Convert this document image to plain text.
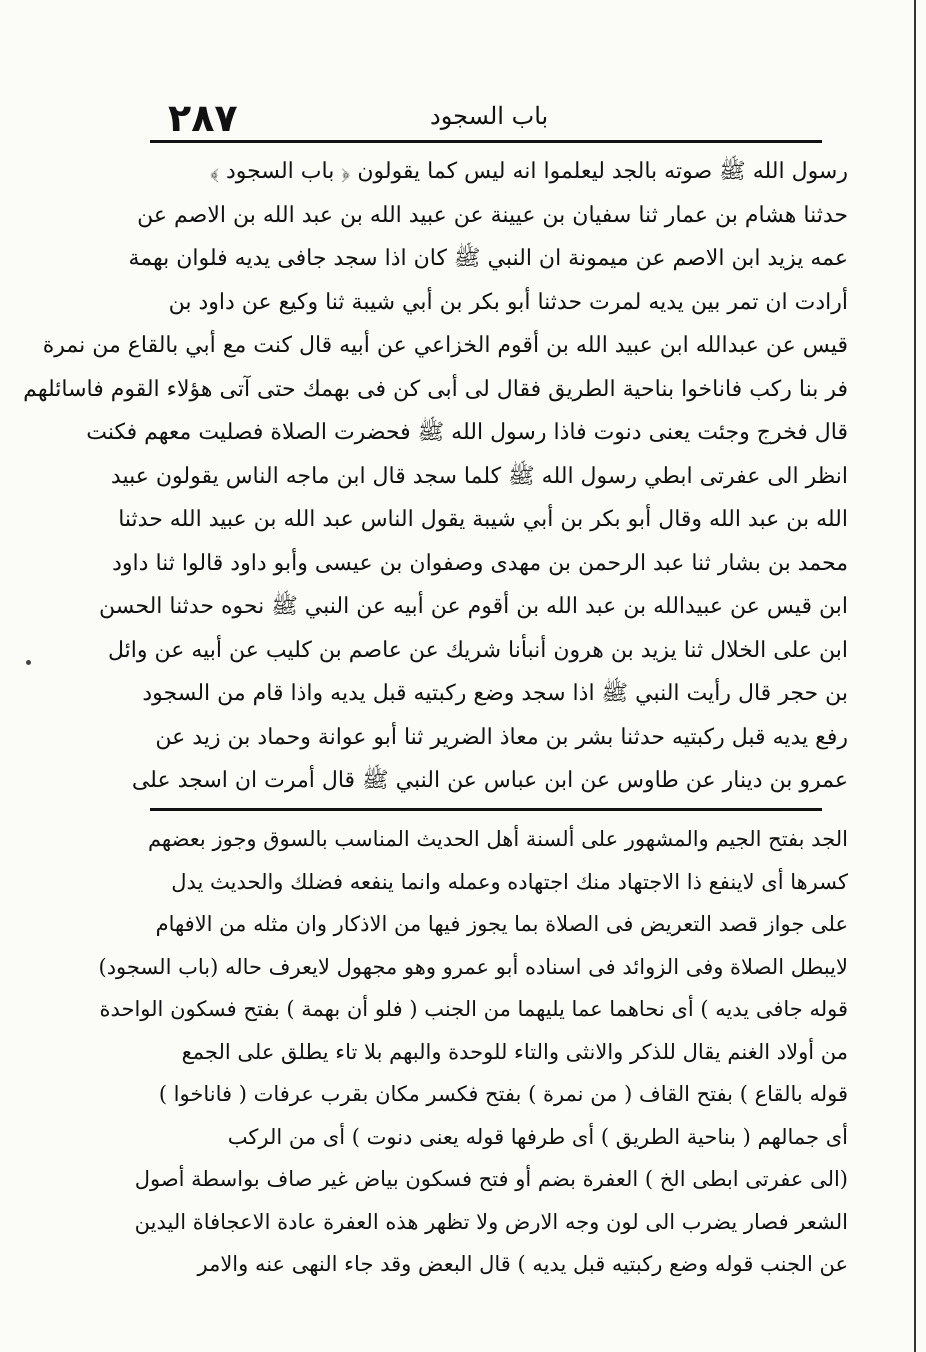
٢٨٧	باب السجود
رسول الله ﷺ صوته بالجد ليعلموا انه ليس كما يقولون ﴿ باب السجود ﴾
حدثنا هشام بن عمار ثنا سفيان بن عيينة عن عبيد الله بن عبد الله بن الاصم عن
عمه يزيد ابن الاصم عن ميمونة ان النبي ﷺ كان اذا سجد جافى يديه فلوان بهمة
أرادت ان تمر بين يديه لمرت حدثنا أبو بكر بن أبي شيبة ثنا وكيع عن داود بن
قيس عن عبدالله ابن عبيد الله بن أقوم الخزاعي عن أبيه قال كنت مع أبي بالقاع من نمرة
فر بنا ركب فاناخوا بناحية الطريق فقال لى أبى كن فى بهمك حتى آتى هؤلاء القوم فاسائلهم
قال فخرج وجئت يعنى دنوت فاذا رسول الله ﷺ فحضرت الصلاة فصليت معهم فكنت
انظر الى عفرتى ابطي رسول الله ﷺ كلما سجد قال ابن ماجه الناس يقولون عبيد
الله بن عبد الله وقال أبو بكر بن أبي شيبة يقول الناس عبد الله بن عبيد الله حدثنا
محمد بن بشار ثنا عبد الرحمن بن مهدى وصفوان بن عيسى وأبو داود قالوا ثنا داود
ابن قيس عن عبيدالله بن عبد الله بن أقوم عن أبيه عن النبي ﷺ نحوه حدثنا الحسن
ابن على الخلال ثنا يزيد بن هرون أنبأنا شريك عن عاصم بن كليب عن أبيه عن وائل
بن حجر قال رأيت النبي ﷺ اذا سجد وضع ركبتيه قبل يديه واذا قام من السجود
رفع يديه قبل ركبتيه حدثنا بشر بن معاذ الضرير ثنا أبو عوانة وحماد بن زيد عن
عمرو بن دينار عن طاوس عن ابن عباس عن النبي ﷺ قال أمرت ان اسجد على
الجد بفتح الجيم والمشهور على ألسنة أهل الحديث المناسب بالسوق وجوز بعضهم
كسرها أى لاينفع ذا الاجتهاد منك اجتهاده وعمله وانما ينفعه فضلك والحديث يدل
على جواز قصد التعريض فى الصلاة بما يجوز فيها من الاذكار وان مثله من الافهام
لايبطل الصلاة وفى الزوائد فى اسناده أبو عمرو وهو مجهول لايعرف حاله (باب السجود)
قوله جافى يديه ) أى نحاهما عما يليهما من الجنب ( فلو أن بهمة ) بفتح فسكون الواحدة
من أولاد الغنم يقال للذكر والانثى والتاء للوحدة والبهم بلا تاء يطلق على الجمع
قوله بالقاع ) بفتح القاف ( من نمرة ) بفتح فكسر مكان بقرب عرفات ( فاناخوا )
أى جمالهم ( بناحية الطريق ) أى طرفها قوله يعنى دنوت ) أى من الركب
(الى عفرتى ابطى الخ ) العفرة بضم أو فتح فسكون بياض غير صاف بواسطة أصول
الشعر فصار يضرب الى لون وجه الارض ولا تظهر هذه العفرة عادة الاعجافاة اليدين
عن الجنب قوله وضع ركبتيه قبل يديه ) قال البعض وقد جاء النهى عنه والامر
